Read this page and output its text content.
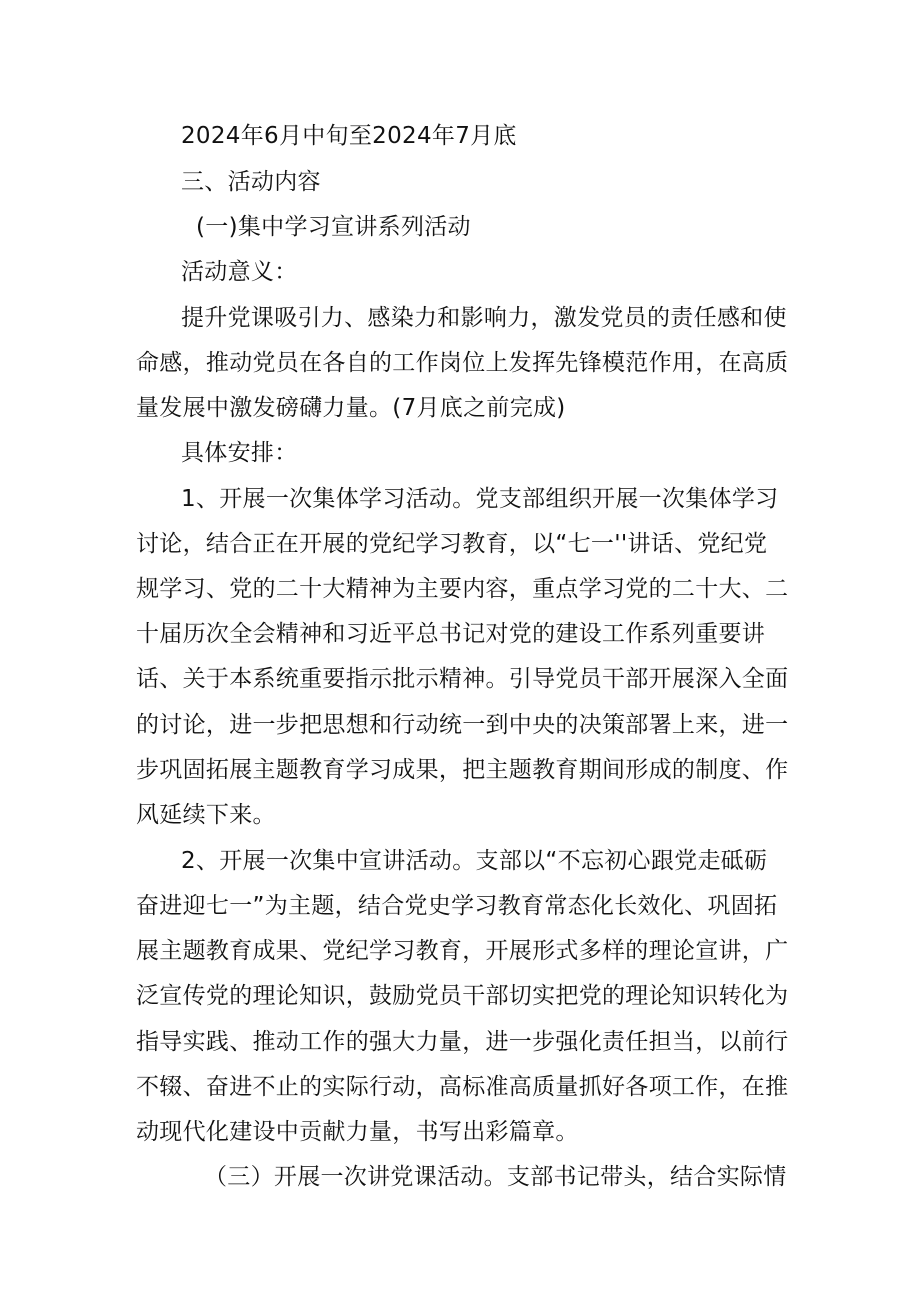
2024年6月中旬至2024年7月底
三、活动内容
(一)集中学习宣讲系列活动
活动意义：
提升党课吸引力、感染力和影响力，激发党员的责任感和使
命感，推动党员在各自的工作岗位上发挥先锋模范作用，在高质
量发展中激发磅礴力量。(7月底之前完成)
具体安排：
1、开展一次集体学习活动。党支部组织开展一次集体学习
讨论，结合正在开展的党纪学习教育，以“七一''讲话、党纪党
规学习、党的二十大精神为主要内容，重点学习党的二十大、二
十届历次全会精神和习近平总书记对党的建设工作系列重要讲
话、关于本系统重要指示批示精神。引导党员干部开展深入全面
的讨论，进一步把思想和行动统一到中央的决策部署上来，进一
步巩固拓展主题教育学习成果，把主题教育期间形成的制度、作
风延续下来。
2、开展一次集中宣讲活动。支部以“不忘初心跟党走砥砺
奋进迎七一”为主题，结合党史学习教育常态化长效化、巩固拓
展主题教育成果、党纪学习教育，开展形式多样的理论宣讲，广
泛宣传党的理论知识，鼓励党员干部切实把党的理论知识转化为
指导实践、推动工作的强大力量，进一步强化责任担当，以前行
不辍、奋进不止的实际行动，高标准高质量抓好各项工作，在推
动现代化建设中贡献力量，书写出彩篇章。
（三）开展一次讲党课活动。支部书记带头，结合实际情
